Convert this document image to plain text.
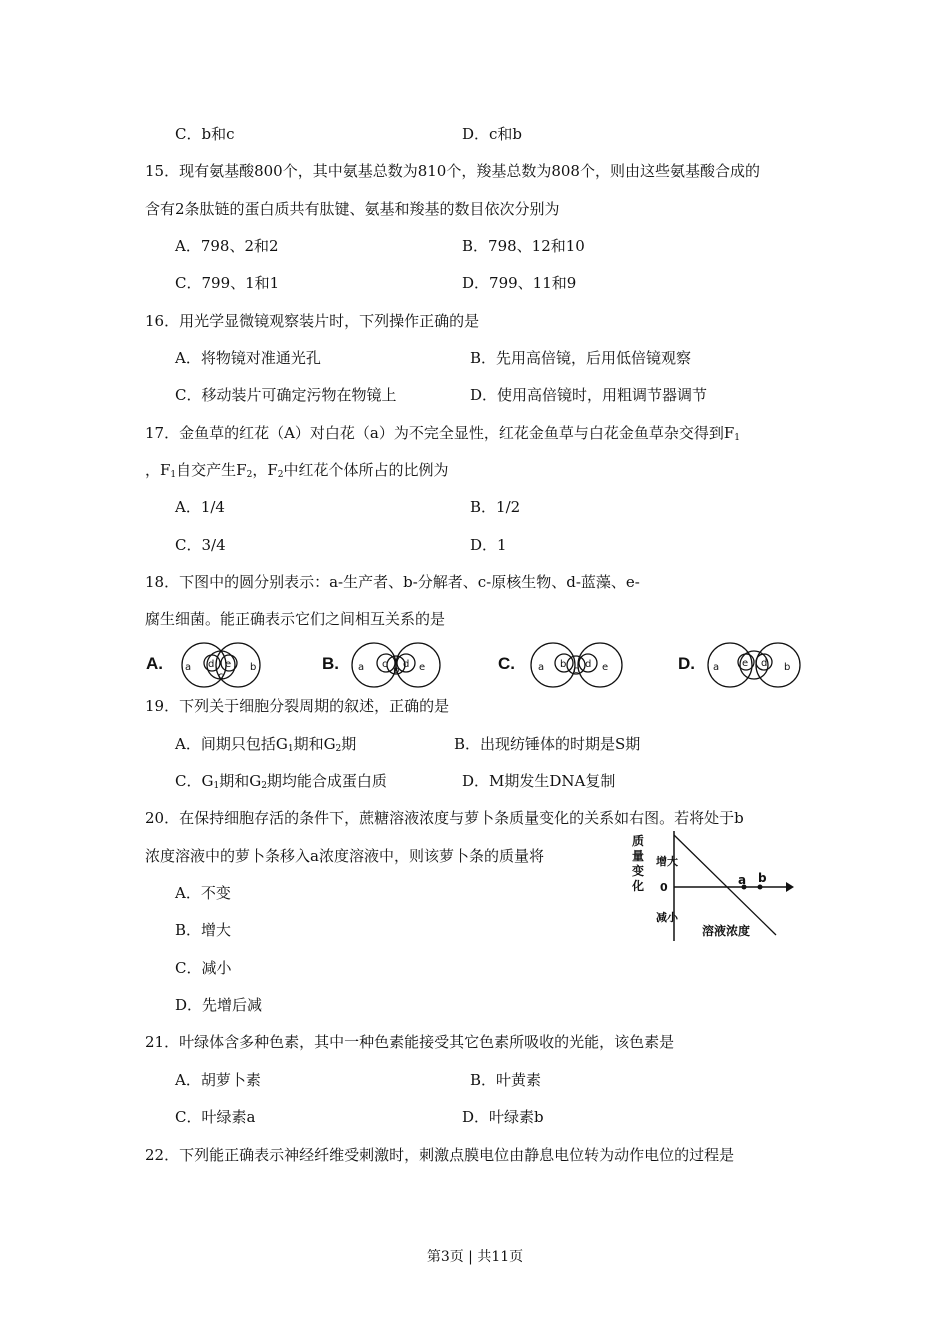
C．b和c	D．c和b
15．现有氨基酸800个，其中氨基总数为810个，羧基总数为808个，则由这些氨基酸合成的
含有2条肽链的蛋白质共有肽键、氨基和羧基的数目依次分别为
A．798、2和2	B．798、12和10
C．799、1和1	D．799、11和9
16．用光学显微镜观察装片时，下列操作正确的是
A．将物镜对准通光孔	B．先用高倍镜，后用低倍镜观察
C．移动装片可确定污物在物镜上	D．使用高倍镜时，用粗调节器调节
17．金鱼草的红花（A）对白花（a）为不完全显性，红花金鱼草与白花金鱼草杂交得到$F_1$
，$F_1$自交产生$F_2$，$F_2$中红花个体所占的比例为
A．1/4	B．1/2
C．3/4	D．1
18．下图中的圆分别表示：a-生产者、b-分解者、c-原核生物、d-蓝藻、e-
腐生细菌。能正确表示它们之间相互关系的是
A. a d e
c
b	B. a c
b
d e	C. a b
c
d e	D. a e d b
19．下列关于细胞分裂周期的叙述，正确的是
A．间期只包括$G_1$期和$G_2$期	B．出现纺锤体的时期是S期
C．$G_1$期和$G_2$期均能合成蛋白质	D．M期发生DNA复制
20．在保持细胞存活的条件下，蔗糖溶液浓度与萝卜条质量变化的关系如右图。若将处于b
浓度溶液中的萝卜条移入a浓度溶液中，则该萝卜条的质量将
A．不变
B．增大
C．减小
D．先增后减
a b
质量变化
增大
0
减小
溶液浓度
21．叶绿体含多种色素，其中一种色素能接受其它色素所吸收的光能，该色素是
A．胡萝卜素	B．叶黄素
C．叶绿素a	D．叶绿素b
22．下列能正确表示神经纤维受刺激时，刺激点膜电位由静息电位转为动作电位的过程是
第3页 | 共11页
